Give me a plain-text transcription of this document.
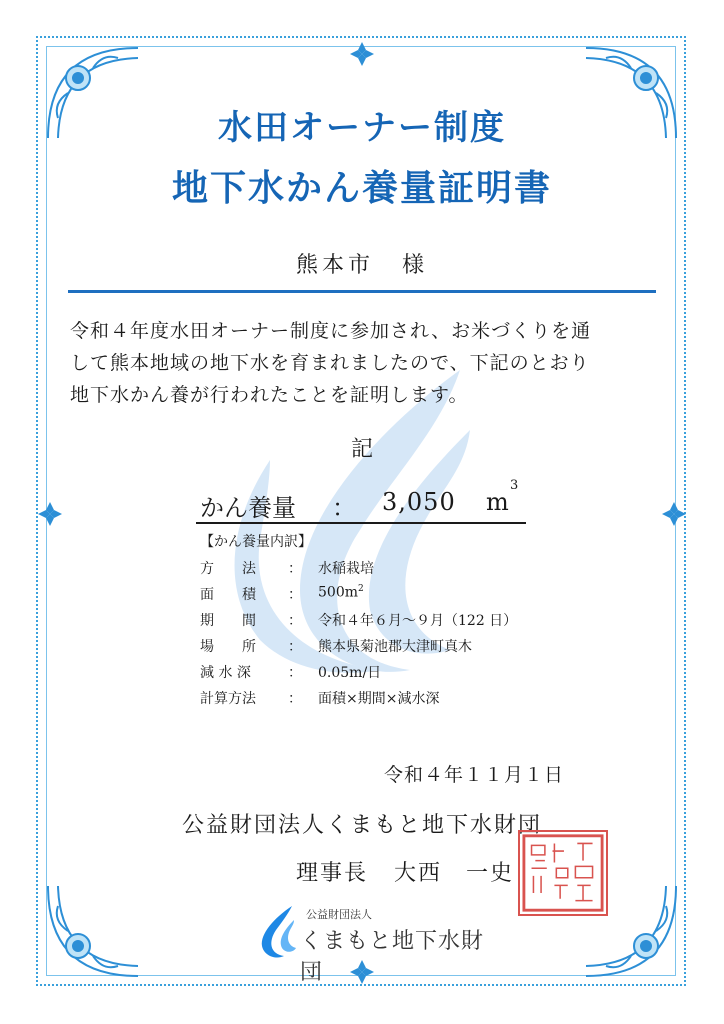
水田オーナー制度
地下水かん養量証明書
熊本市 様
令和４年度水田オーナー制度に参加され、お米づくりを通
して熊本地域の地下水を育まれましたので、下記のとおり
地下水かん養が行われたことを証明します。
記
かん養量 ： 3,050 m
3
【かん養量内訳】
方　　法	： 水稲栽培
面　　積	： $500m^2$
期　　間	： 令和４年６月～９月（122 日）
場　　所	： 熊本県菊池郡大津町真木
減 水 深	： 0.05m/日
計算方法	： 面積×期間×減水深
令和４年１１月１日
公益財団法人くまもと地下水財団
理事長 大西　一史
公益財団法人
くまもと地下水財団
